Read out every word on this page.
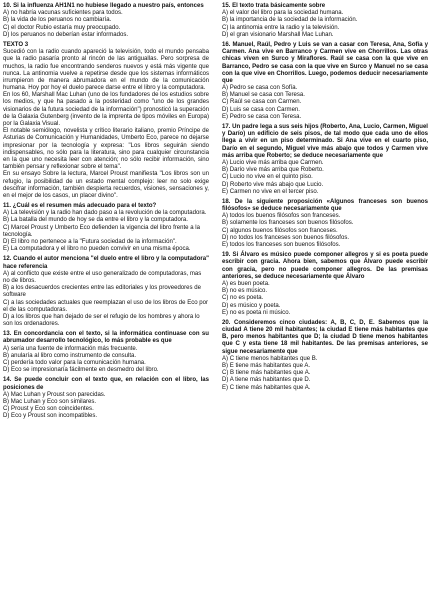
10. Si la influenza AH1N1 no hubiese llegado a nuestro país, entonces

A) no habría vacunas suficientes para todos.

B) la vida de los peruanos no cambiaría.

C) el doctor Rubio estaría muy preocupado.

D) los peruanos no deberían estar informados.

TEXTO 3

Sucedió con la radio cuando apareció la televisión, todo el mundo pensaba que la radio pasaría pronto al rincón de las antiguallas. Pero sorpresa de muchos, la radio fue encontrando senderos nuevos y está más vigente que nunca. La antinomia vuelve a repetirse desde que los sistemas informáticos irrumpieron de manera abrumadora en el mundo de la comunicación humana. Hoy por hoy el duelo parece darse entre el libro y la computadora.

En los 60, Marshall Mac Luhan (uno de los fundadores de los estudios sobre los medios, y que ha pasado a la posteridad como "uno de los grandes visionarios de la futura sociedad de la información") pronosticó la superación de la Galaxia Gutenberg (invento de la imprenta de tipos móviles en Europa) por la Galaxia Visual.

El notable semiólogo, novelista y crítico literario italiano, premio Príncipe de Asturias de Comunicación y Humanidades, Umberto Eco, parece no dejarse impresionar por la tecnología y expresa: "Los libros seguirán siendo indispensables, no sólo para la literatura, sino para cualquier circunstancia en la que uno necesita leer con atención; no sólo recibir información, sino también pensar y reflexionar sobre el tema".

En su ensayo Sobre la lectura, Marcel Proust manifiesta "Los libros son un refugio, la posibilidad de un estado mental complejo: leer no solo exige descifrar información, también despierta recuerdos, visiones, sensaciones y, en el mejor de los casos, un placer divino".

11. ¿Cuál es el resumen más adecuado para el texto?

A) La televisión y la radio han dado paso a la revolución de la computadora.

B) La batalla del mundo de hoy se da entre el libro y la computadora.

C) Marcel Proust y Umberto Eco defienden la vigencia del libro frente a la tecnología.

D) El libro no pertenece a la "Futura sociedad de la información".

E) La computadora y el libro no pueden convivir en una misma época.

12. Cuando el autor menciona "el duelo entre el libro y la computadora" hace referencia

A) al conflicto que existe entre el uso generalizado de computadoras, mas no de libros.

B) a los desacuerdos crecientes entre las editoriales y los proveedores de software

C) a las sociedades actuales que reemplazan el uso de los libros de Eco por el de las computadoras.

D) a los libros que han dejado de ser el refugio de los hombres y ahora lo son los ordenadores.

13. En concordancia con el texto, si la informática continuase con su abrumador desarrollo tecnológico, lo más probable es que

A) sería una fuente de información más frecuente.

B) anularía al libro como instrumento de consulta.

C) perdería todo valor para la comunicación humana.

D) Eco se impresionaría fácilmente en desmedro del libro.

14. Se puede concluir con el texto que, en relación con el libro, las posiciones de

A) Mac Luhan y Proust son parecidas.

B) Mac Luhan y Eco son similares.

C) Proust y Eco son coincidentes.

D) Eco y Proust son incompatibles.

15. El texto trata básicamente sobre

A) el valor del libro para la sociedad humana.

B) la importancia de la sociedad de la información.

C) la antinomia entre la radio y la televisión.

D) el gran visionario Marshall Mac Luhan.

16. Manuel, Raúl, Pedro y Luis se van a casar con Teresa, Ana, Sofía y Carmen. Ana vive en Barranco y Carmen vive en Chorrillos. Las otras chicas viven en Surco y Miraflores. Raúl se casa con la que vive en Barranco, Pedro se casa con la que vive en Surco y Manuel no se casa con la que vive en Chorrillos. Luego, podemos deducir necesariamente que

A) Pedro se casa con Sofía.

B) Manuel se casa con Teresa.

C) Raúl se casa con Carmen.

D) Luis se casa con Carmen.

E) Pedro se casa con Teresa.

17. Un padre lega a sus seis hijos (Roberto, Ana, Lucio, Carmen, Miguel y Darío) un edificio de seis pisos, de tal modo que cada uno de ellos llega a vivir en un piso determinado. Si Ana vive en el cuarto piso, Darío en el segundo, Miguel vive más abajo que todos y Carmen vive más arriba que Roberto; se deduce necesariamente que

A) Lucio vive más arriba que Carmen.

B) Darío vive más arriba que Roberto.

C) Lucio no vive en el quinto piso.

D) Roberto vive más abajo que Lucio.

E) Carmen no vive en el tercer piso.

18. De la siguiente proposición «Algunos franceses son buenos filósofos» se deduce necesariamente que

A) todos los buenos filósofos son franceses.

B) solamente los franceses son buenos filósofos.

C) algunos buenos filósofos son franceses.

D) no todos los franceses son buenos filósofos.

E) todos los franceses son buenos filósofos.

19. Si Álvaro es músico puede componer allegros y si es poeta puede escribir con gracia. Ahora bien, sabemos que Álvaro puede escribir con gracia, pero no puede componer allegros. De las premisas anteriores, se deduce necesariamente que Álvaro

A) es buen poeta.

B) no es músico.

C) no es poeta.

D) es músico y poeta.

E) no es poeta ni músico.

20. Consideremos cinco ciudades: A, B, C, D, E. Sabemos que la ciudad A tiene 20 mil habitantes; la ciudad E tiene más habitantes que B, pero menos habitantes que D; la ciudad D tiene menos habitantes que C y esta tiene 18 mil habitantes. De las premisas anteriores, se sigue necesariamente que

A) C tiene menos habitantes que B.

B) E tiene más habitantes que A.

C) B tiene más habitantes que A.

D) A tiene más habitantes que D.

E) C tiene más habitantes que A.
